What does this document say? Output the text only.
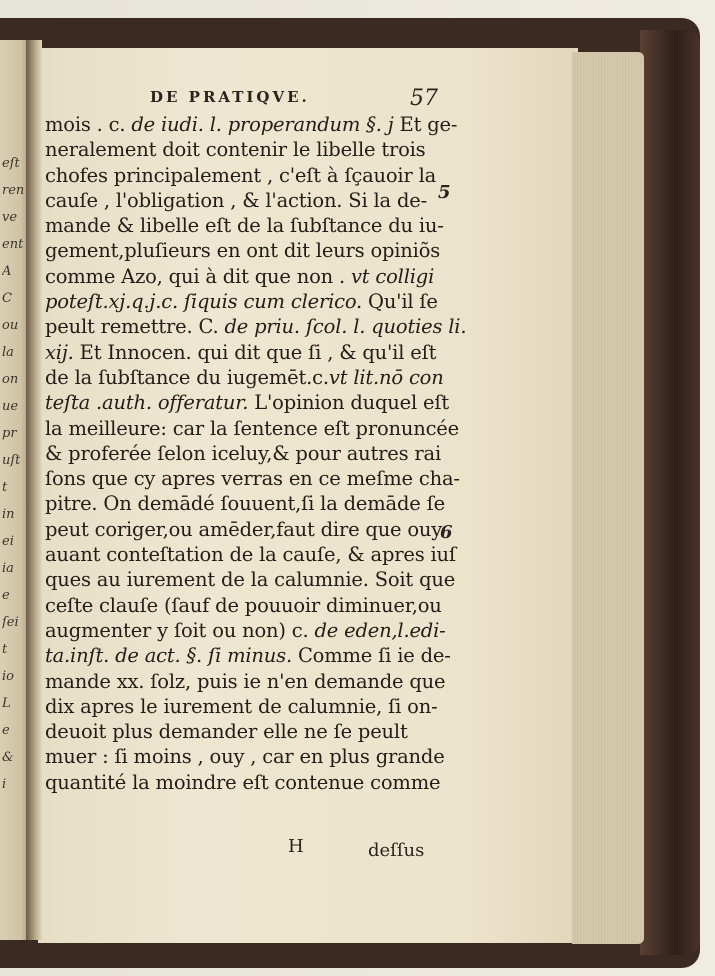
eſt
ren
ve
ent
A
C
ou
la
on
ue
pr
uſt
t
in
ei
ia
e
ſei
t
io
L
e
&
i
DE PRATIQVE.	57
mois . c. de iudi. l. properandum §. j Et ge-
neralement doit contenir le libelle trois
chofes principalement , c'eſt à ſçauoir la
cauſe , l'obligation , & l'action. Si la de-
mande & libelle eſt de la ſubſtance du iu-
gement,pluſieurs en ont dit leurs opiniõs
comme Azo, qui à dit que non . vt colligi
poteſt.xj.q.j.c. ſiquis cum clerico. Qu'il ſe
peult remettre. C. de priu. ſcol. l. quoties li.
xij. Et Innocen. qui dit que ſi , & qu'il eſt
de la ſubſtance du iugemēt.c.vt lit.nō con
teſta .auth. offeratur. L'opinion duquel eſt
la meilleure: car la ſentence eſt pronuncée
& proferée ſelon iceluy,& pour autres rai
ſons que cy apres verras en ce meſme cha-
pitre. On demādé ſouuent,ſi la demāde ſe
peut coriger,ou amēder,faut dire que ouy
auant conteſtation de la cauſe, & apres iuſ
ques au iurement de la calumnie. Soit que
ceſte clauſe (ſauf de pouuoir diminuer,ou
augmenter y ſoit ou non) c. de eden,l.edi-
ta.inſt. de act. §. ſi minus. Comme ſi ie de-
mande xx. ſolz, puis ie n'en demande que
dix apres le iurement de calumnie, ſi on-
deuoit plus demander elle ne ſe peult
muer : ſi moins , ouy , car en plus grande
quantité la moindre eſt contenue comme
5
6
H	deſſus
